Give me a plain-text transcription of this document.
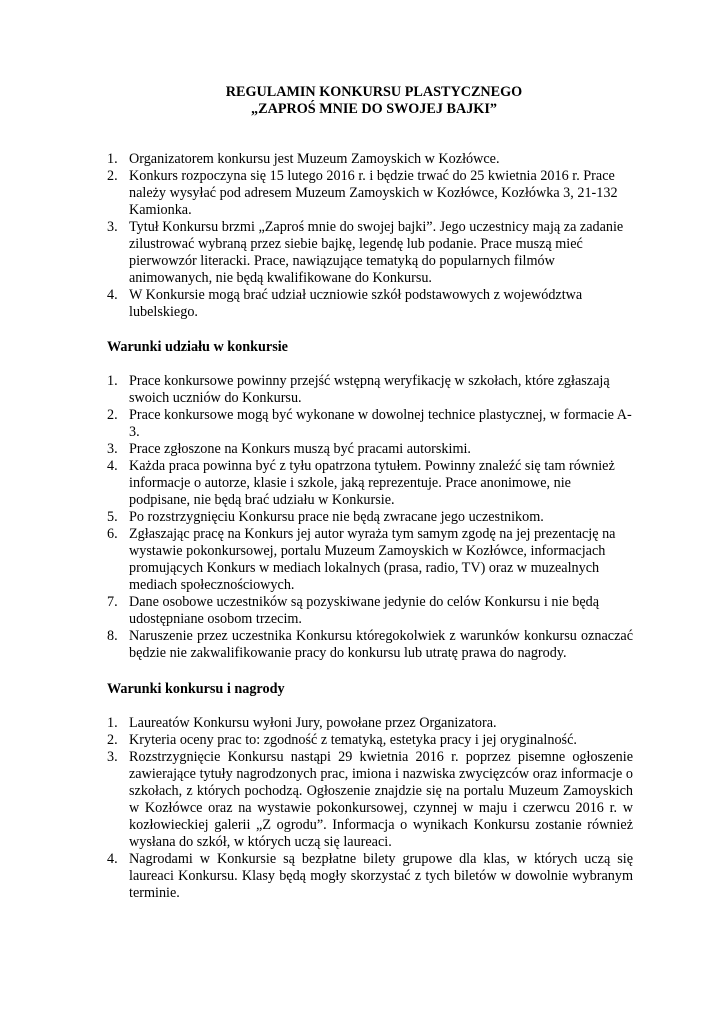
REGULAMIN KONKURSU PLASTYCZNEGO
„ZAPROŚ MNIE DO SWOJEJ BAJKI”
1. Organizatorem konkursu jest Muzeum Zamoyskich w Kozłówce.
2. Konkurs rozpoczyna się 15 lutego 2016 r. i będzie trwać do 25 kwietnia 2016 r. Prace należy wysyłać pod adresem Muzeum Zamoyskich w Kozłówce, Kozłówka 3, 21-132 Kamionka.
3. Tytuł Konkursu brzmi „Zaproś mnie do swojej bajki”. Jego uczestnicy mają za zadanie zilustrować wybraną przez siebie bajkę, legendę lub podanie. Prace muszą mieć pierwowzór literacki. Prace, nawiązujące tematyką do popularnych filmów animowanych, nie będą kwalifikowane do Konkursu.
4. W Konkursie mogą brać udział uczniowie szkół podstawowych z województwa lubelskiego.
Warunki udziału w konkursie
1. Prace konkursowe powinny przejść wstępną weryfikację w szkołach, które zgłaszają swoich uczniów do Konkursu.
2. Prace konkursowe mogą być wykonane w dowolnej technice plastycznej, w formacie A-3.
3. Prace zgłoszone na Konkurs muszą być pracami autorskimi.
4. Każda praca powinna być z tyłu opatrzona tytułem. Powinny znaleźć się tam również informacje o autorze, klasie i szkole, jaką reprezentuje. Prace anonimowe, nie podpisane, nie będą brać udziału w Konkursie.
5. Po rozstrzygnięciu Konkursu prace nie będą zwracane jego uczestnikom.
6. Zgłaszając pracę na Konkurs jej autor wyraża tym samym zgodę na jej prezentację na wystawie pokonkursowej, portalu Muzeum Zamoyskich w Kozłówce, informacjach promujących Konkurs w mediach lokalnych (prasa, radio, TV) oraz w muzealnych mediach społecznościowych.
7. Dane osobowe uczestników są pozyskiwane jedynie do celów Konkursu i nie będą udostępniane osobom trzecim.
8. Naruszenie przez uczestnika Konkursu któregokolwiek z warunków konkursu oznaczać będzie nie zakwalifikowanie pracy do konkursu lub utratę prawa do nagrody.
Warunki konkursu i nagrody
1. Laureatów Konkursu wyłoni Jury, powołane przez Organizatora.
2. Kryteria oceny prac to: zgodność z tematyką, estetyka pracy i jej oryginalność.
3. Rozstrzygnięcie Konkursu nastąpi 29 kwietnia 2016 r. poprzez pisemne ogłoszenie zawierające tytuły nagrodzonych prac, imiona i nazwiska zwycięzców oraz informacje o szkołach, z których pochodzą. Ogłoszenie znajdzie się na portalu Muzeum Zamoyskich w Kozłówce oraz na wystawie pokonkursowej, czynnej w maju i czerwcu 2016 r. w kozłowieckiej galerii „Z ogrodu”. Informacja o wynikach Konkursu zostanie również wysłana do szkół, w których uczą się laureaci.
4. Nagrodami w Konkursie są bezpłatne bilety grupowe dla klas, w których uczą się laureaci Konkursu. Klasy będą mogły skorzystać z tych biletów w dowolnie wybranym terminie.
